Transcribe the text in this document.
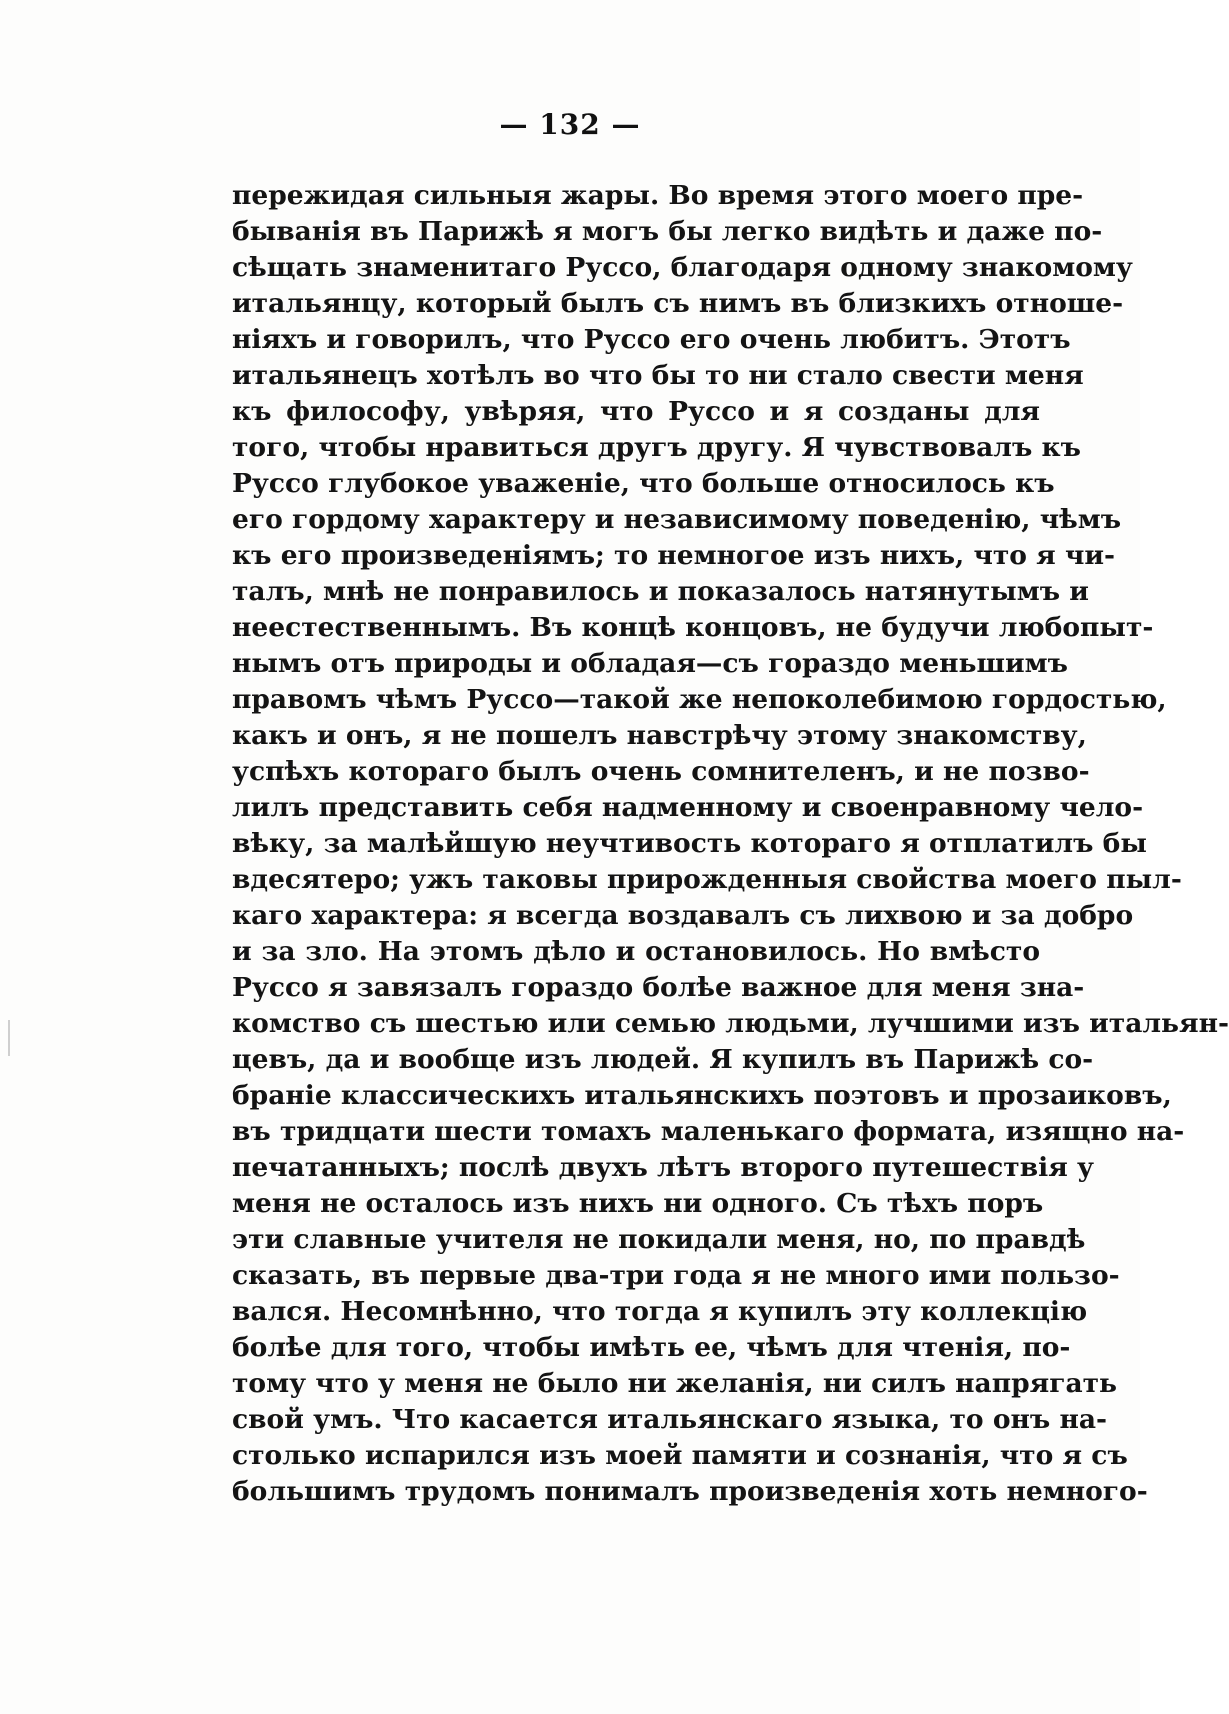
— 132 —
пережидая сильныя жары. Во время этого моего пре-
быванія въ Парижѣ я могъ бы легко видѣть и даже по-
сѣщать знаменитаго Руссо, благодаря одному знакомому
итальянцу, который былъ съ нимъ въ близкихъ отноше-
ніяхъ и говорилъ, что Руссо его очень любитъ. Этотъ
итальянецъ хотѣлъ во что бы то ни стало свести меня
къ философу, увѣряя, что Руссо и я созданы для
того, чтобы нравиться другъ другу. Я чувствовалъ къ
Руссо глубокое уваженіе, что больше относилось къ
его гордому характеру и независимому поведенію, чѣмъ
къ его произведеніямъ; то немногое изъ нихъ, что я чи-
талъ, мнѣ не понравилось и показалось натянутымъ и
неестественнымъ. Въ концѣ концовъ, не будучи любопыт-
нымъ отъ природы и обладая—съ гораздо меньшимъ
правомъ чѣмъ Руссо—такой же непоколебимою гордостью,
какъ и онъ, я не пошелъ навстрѣчу этому знакомству,
успѣхъ котораго былъ очень сомнителенъ, и не позво-
лилъ представить себя надменному и своенравному чело-
вѣку, за малѣйшую неучтивость котораго я отплатилъ бы
вдесятеро; ужъ таковы прирожденныя свойства моего пыл-
каго характера: я всегда воздавалъ съ лихвою и за добро
и за зло. На этомъ дѣло и остановилось. Но вмѣсто
Руссо я завязалъ гораздо болѣе важное для меня зна-
комство съ шестью или семью людьми, лучшими изъ итальян-
цевъ, да и вообще изъ людей. Я купилъ въ Парижѣ со-
браніе классическихъ итальянскихъ поэтовъ и прозаиковъ,
въ тридцати шести томахъ маленькаго формата, изящно на-
печатанныхъ; послѣ двухъ лѣтъ второго путешествія у
меня не осталось изъ нихъ ни одного. Съ тѣхъ поръ
эти славные учителя не покидали меня, но, по правдѣ
сказать, въ первые два-три года я не много ими пользо-
вался. Несомнѣнно, что тогда я купилъ эту коллекцію
болѣе для того, чтобы имѣть ее, чѣмъ для чтенія, по-
тому что у меня не было ни желанія, ни силъ напрягать
свой умъ. Что касается итальянскаго языка, то онъ на-
столько испарился изъ моей памяти и сознанія, что я съ
большимъ трудомъ понималъ произведенія хоть немного-
